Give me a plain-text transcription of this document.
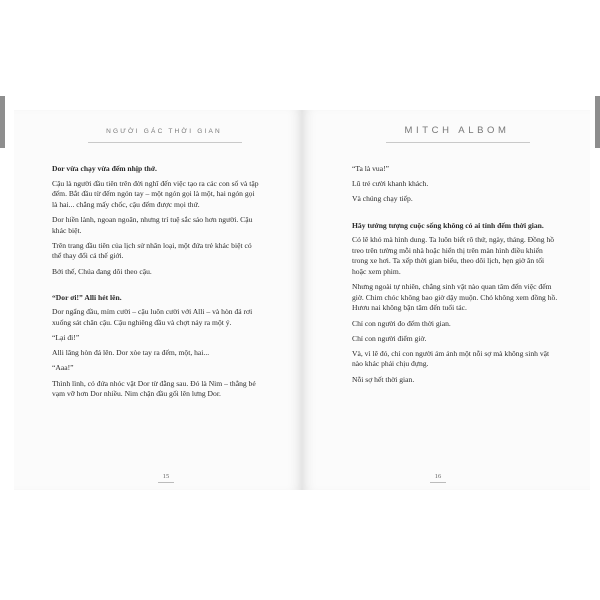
NGƯỜI GÁC THỜI GIAN

Dor vừa chạy vừa đếm nhịp thở.

Cậu là người đầu tiên trên đời nghĩ đến việc tạo ra các con số và tập đếm. Bắt đầu từ đếm ngón tay – một ngón gọi là một, hai ngón gọi là hai... chẳng mấy chốc, cậu đếm được mọi thứ.

Dor hiền lành, ngoan ngoãn, nhưng trí tuệ sắc sảo hơn người. Cậu khác biệt.

Trên trang đầu tiên của lịch sử nhân loại, một đứa trẻ khác biệt có thể thay đổi cả thế giới.

Bởi thế, Chúa đang dõi theo cậu.

“Dor ơi!” Alli hét lên.

Dor ngẩng đầu, mỉm cười – cậu luôn cười với Alli – và hòn đá rơi xuống sát chân cậu. Cậu nghiêng đầu và chợt nảy ra một ý.

“Lại đi!”

Alli lăng hòn đá lên. Dor xòe tay ra đếm, một, hai...

“Aaa!”

Thình lình, có đứa nhóc vật Dor từ đằng sau. Đó là Nim – thằng bé vạm vỡ hơn Dor nhiều. Nim chặn đầu gối lên lưng Dor.

15
MITCH ALBOM

“Ta là vua!”

Lũ trẻ cười khanh khách.

Và chúng chạy tiếp.

Hãy tưởng tượng cuộc sống không có ai tính đếm thời gian.

Có lẽ khó mà hình dung. Ta luôn biết rõ thứ, ngày, tháng. Đồng hồ treo trên tường mỗi nhà hoặc hiển thị trên màn hình điều khiển trong xe hơi. Ta xếp thời gian biểu, theo dõi lịch, hẹn giờ ăn tối hoặc xem phim.

Nhưng ngoài tự nhiên, chẳng sinh vật nào quan tâm đến việc đếm giờ. Chim chóc không bao giờ dậy muộn. Chó không xem đồng hồ. Hươu nai không bận tâm đến tuổi tác.

Chỉ con người đo đếm thời gian.

Chỉ con người điểm giờ.

Và, vì lẽ đó, chỉ con người ám ảnh một nỗi sợ mà không sinh vật nào khác phải chịu đựng.

Nỗi sợ hết thời gian.

16
